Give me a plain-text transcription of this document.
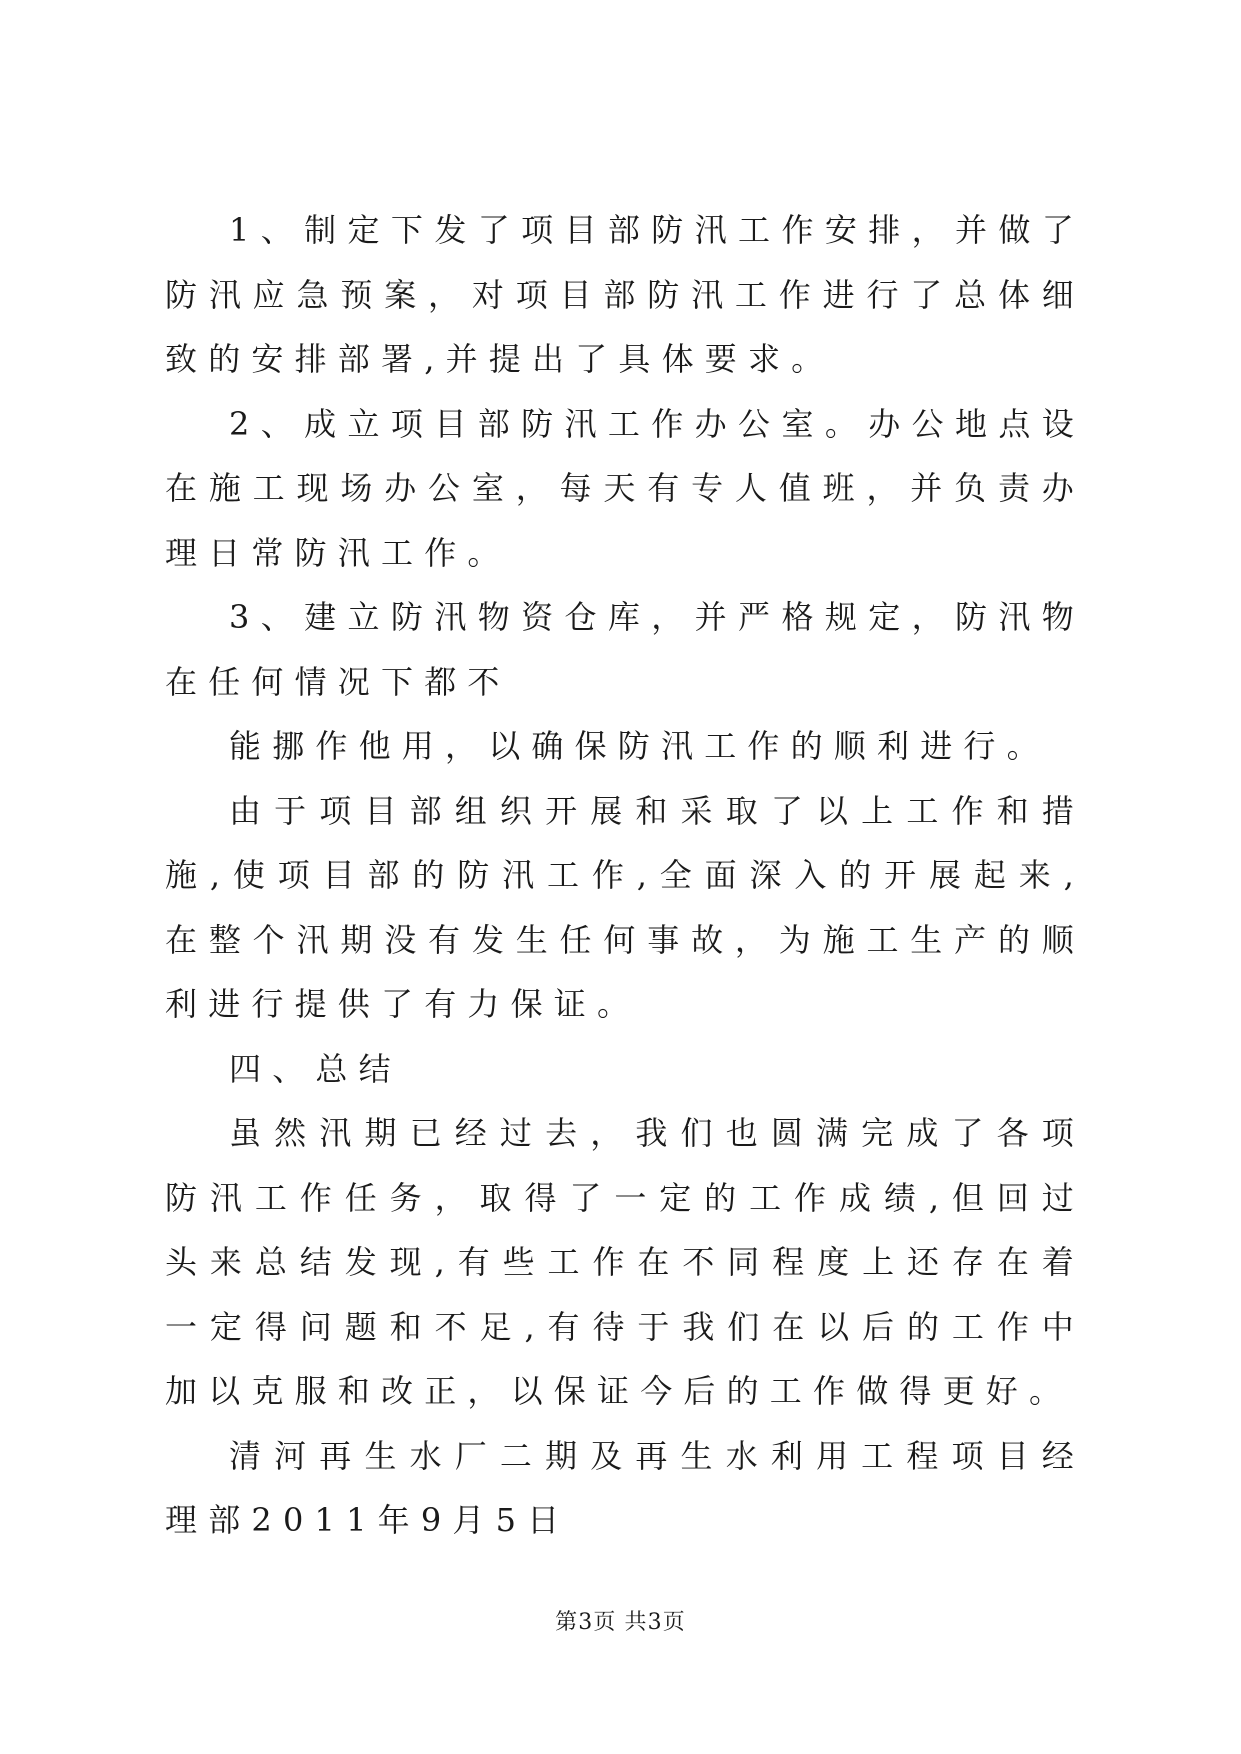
1、制定下发了项目部防汛工作安排，并做了防汛应急预案，对项目部防汛工作进行了总体细致的安排部署,并提出了具体要求。

2、成立项目部防汛工作办公室。办公地点设在施工现场办公室，每天有专人值班，并负责办理日常防汛工作。

3、建立防汛物资仓库，并严格规定，防汛物在任何情况下都不

能挪作他用，以确保防汛工作的顺利进行。

由于项目部组织开展和采取了以上工作和措施,使项目部的防汛工作,全面深入的开展起来,在整个汛期没有发生任何事故，为施工生产的顺利进行提供了有力保证。

四、总结

虽然汛期已经过去，我们也圆满完成了各项防汛工作任务，取得了一定的工作成绩,但回过头来总结发现,有些工作在不同程度上还存在着一定得问题和不足,有待于我们在以后的工作中加以克服和改正，以保证今后的工作做得更好。

清河再生水厂二期及再生水利用工程项目经理部2011年9月5日

第3页 共3页
